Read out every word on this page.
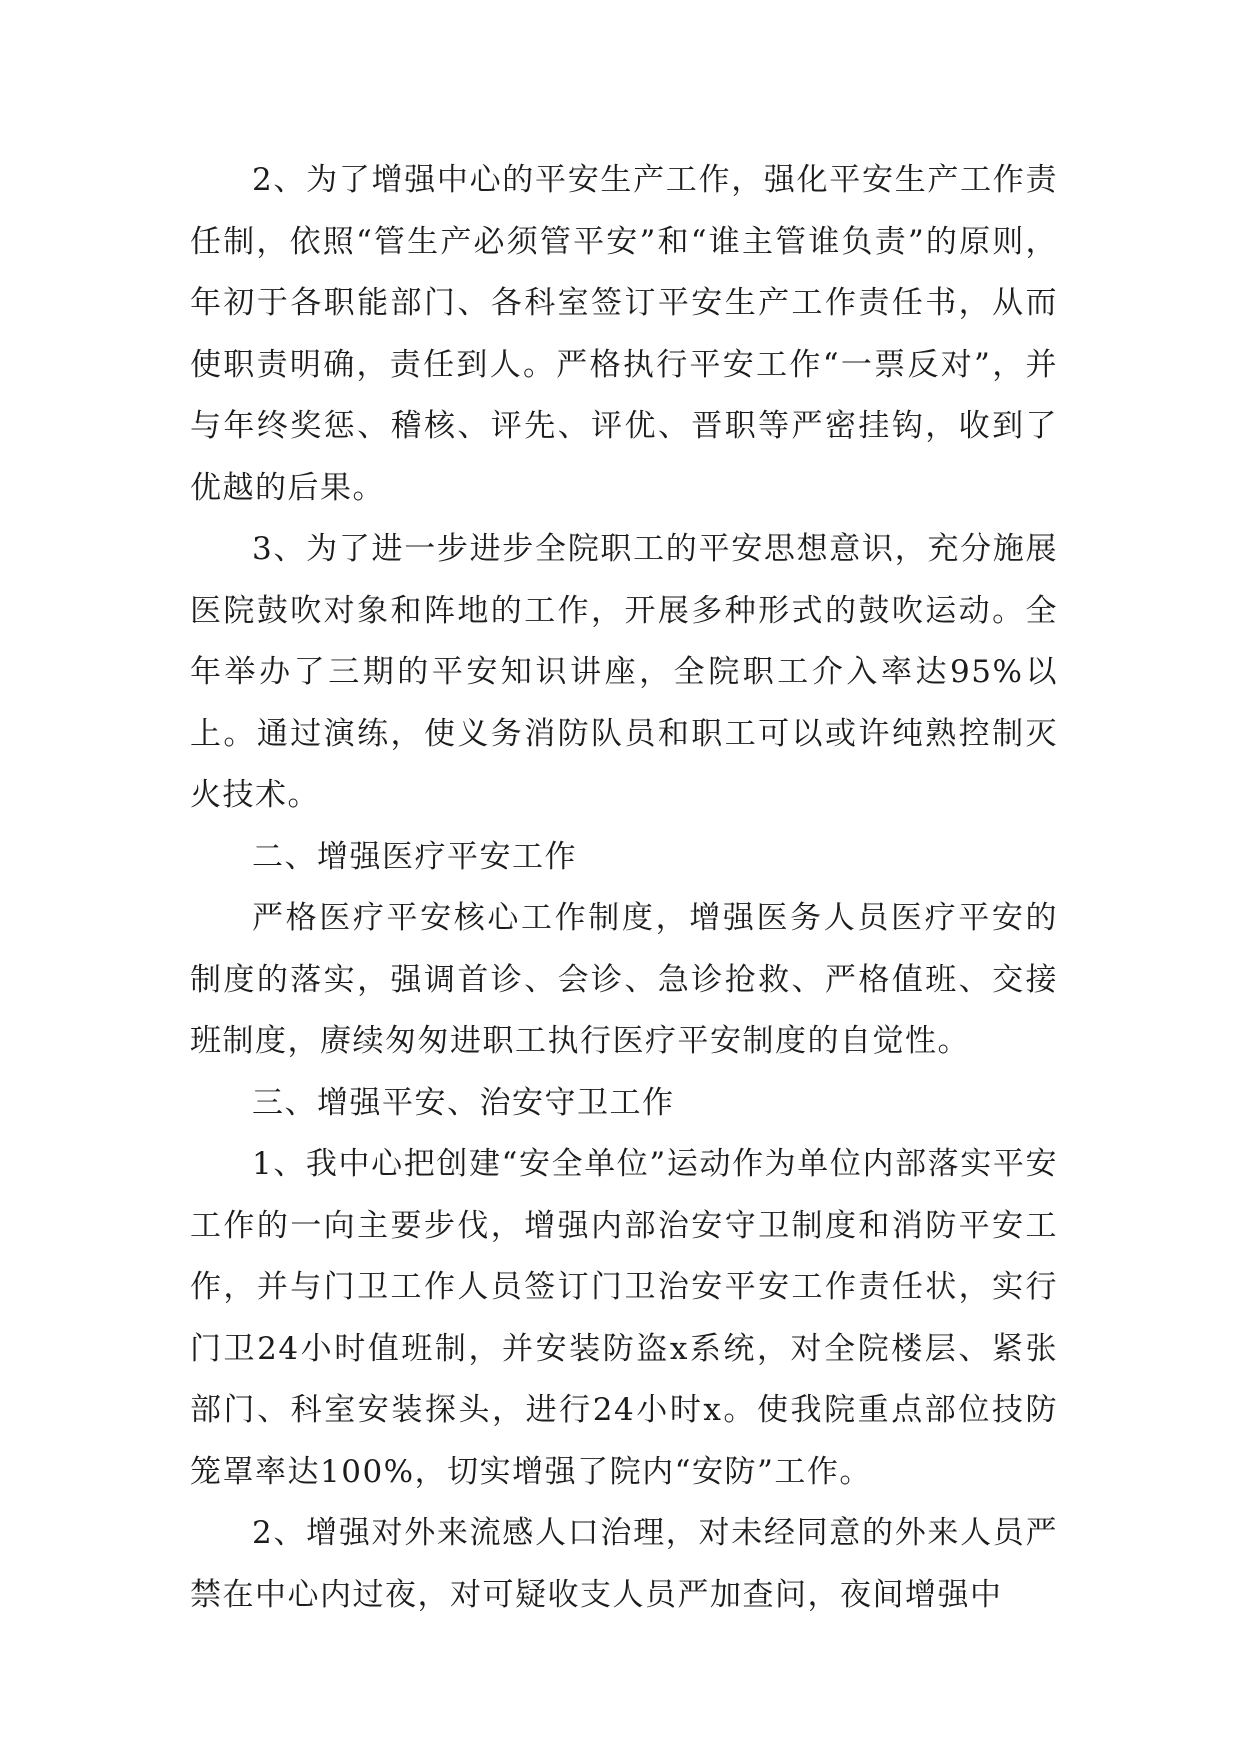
2、为了增强中心的平安生产工作，强化平安生产工作责任制，依照“管生产必须管平安”和“谁主管谁负责”的原则，年初于各职能部门、各科室签订平安生产工作责任书，从而使职责明确，责任到人。严格执行平安工作“一票反对”，并与年终奖惩、稽核、评先、评优、晋职等严密挂钩，收到了优越的后果。

3、为了进一步进步全院职工的平安思想意识，充分施展医院鼓吹对象和阵地的工作，开展多种形式的鼓吹运动。全年举办了三期的平安知识讲座，全院职工介入率达95%以上。通过演练，使义务消防队员和职工可以或许纯熟控制灭火技术。

二、增强医疗平安工作

严格医疗平安核心工作制度，增强医务人员医疗平安的制度的落实，强调首诊、会诊、急诊抢救、严格值班、交接班制度，赓续匆匆进职工执行医疗平安制度的自觉性。

三、增强平安、治安守卫工作

1、我中心把创建“安全单位”运动作为单位内部落实平安工作的一向主要步伐，增强内部治安守卫制度和消防平安工作，并与门卫工作人员签订门卫治安平安工作责任状，实行门卫24小时值班制，并安装防盗x系统，对全院楼层、紧张部门、科室安装探头，进行24小时x。使我院重点部位技防笼罩率达100%，切实增强了院内“安防”工作。

2、增强对外来流感人口治理，对未经同意的外来人员严禁在中心内过夜，对可疑收支人员严加查问，夜间增强中
